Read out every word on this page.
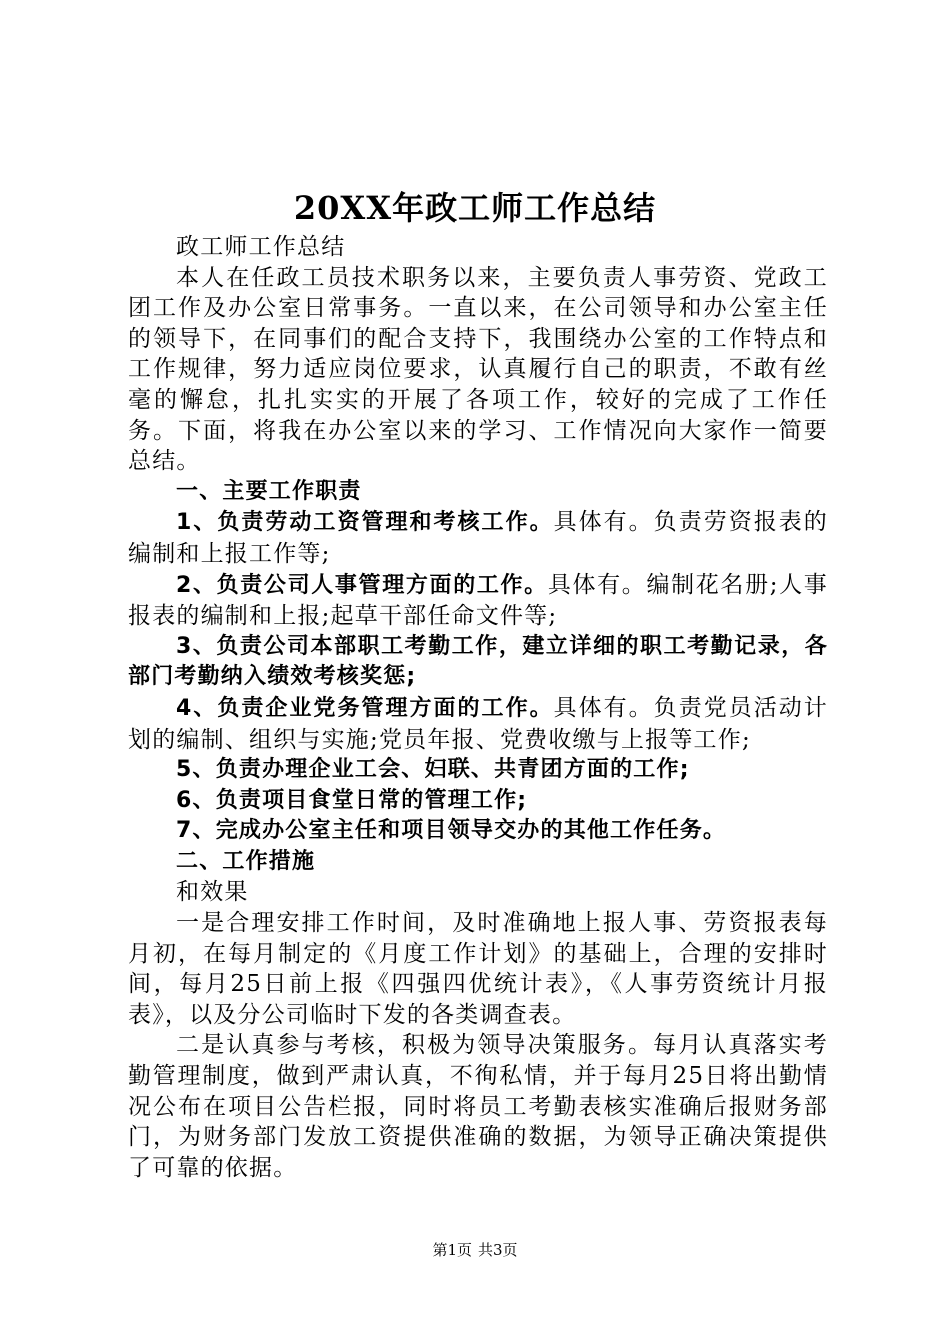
20XX年政工师工作总结

政工师工作总结

本人在任政工员技术职务以来，主要负责人事劳资、党政工团工作及办公室日常事务。一直以来，在公司领导和办公室主任的领导下，在同事们的配合支持下，我围绕办公室的工作特点和工作规律，努力适应岗位要求，认真履行自己的职责，不敢有丝毫的懈怠，扎扎实实的开展了各项工作，较好的完成了工作任务。下面，将我在办公室以来的学习、工作情况向大家作一简要总结。

一、主要工作职责

1、负责劳动工资管理和考核工作。具体有。负责劳资报表的编制和上报工作等;

2、负责公司人事管理方面的工作。具体有。编制花名册;人事报表的编制和上报;起草干部任命文件等;

3、负责公司本部职工考勤工作，建立详细的职工考勤记录，各部门考勤纳入绩效考核奖惩;

4、负责企业党务管理方面的工作。具体有。负责党员活动计划的编制、组织与实施;党员年报、党费收缴与上报等工作;

5、负责办理企业工会、妇联、共青团方面的工作;

6、负责项目食堂日常的管理工作;

7、完成办公室主任和项目领导交办的其他工作任务。

二、工作措施

和效果

一是合理安排工作时间，及时准确地上报人事、劳资报表每月初，在每月制定的《月度工作计划》的基础上，合理的安排时间，每月25日前上报《四强四优统计表》，《人事劳资统计月报表》，以及分公司临时下发的各类调查表。

二是认真参与考核，积极为领导决策服务。每月认真落实考勤管理制度，做到严肃认真，不徇私情，并于每月25日将出勤情况公布在项目公告栏报，同时将员工考勤表核实准确后报财务部门，为财务部门发放工资提供准确的数据，为领导正确决策提供了可靠的依据。

第1页 共3页
